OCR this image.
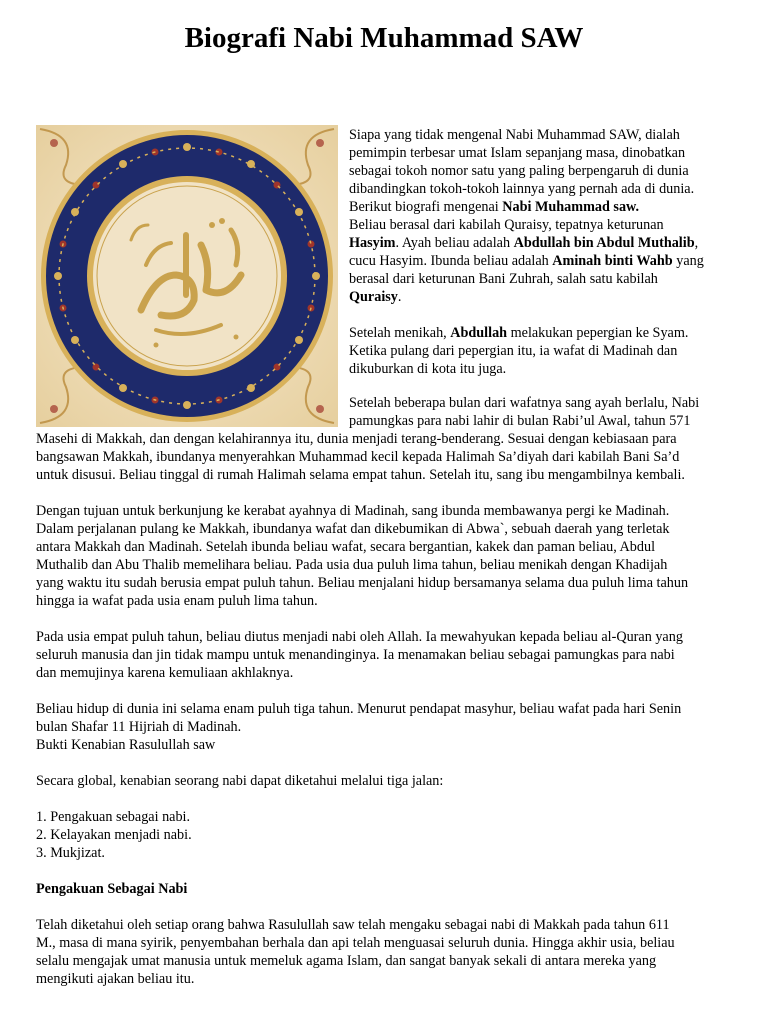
Biografi Nabi Muhammad SAW
Siapa yang tidak mengenal Nabi Muhammad SAW, dialah
pemimpin terbesar umat Islam sepanjang masa, dinobatkan
sebagai tokoh nomor satu yang paling berpengaruh di dunia
dibandingkan tokoh-tokoh lainnya yang pernah ada di dunia.
Berikut biografi mengenai Nabi Muhammad saw.
Beliau berasal dari kabilah Quraisy, tepatnya keturunan
Hasyim. Ayah beliau adalah Abdullah bin Abdul Muthalib,
cucu Hasyim. Ibunda beliau adalah Aminah binti Wahb yang
berasal dari keturunan Bani Zuhrah, salah satu kabilah
Quraisy.
Setelah menikah, Abdullah melakukan pepergian ke Syam.
Ketika pulang dari pepergian itu, ia wafat di Madinah dan
dikuburkan di kota itu juga.
Setelah beberapa bulan dari wafatnya sang ayah berlalu, Nabi
pamungkas para nabi lahir di bulan Rabi’ul Awal, tahun 571
Masehi di Makkah, dan dengan kelahirannya itu, dunia menjadi terang-benderang. Sesuai dengan kebiasaan para
bangsawan Makkah, ibundanya menyerahkan Muhammad kecil kepada Halimah Sa’diyah dari kabilah Bani Sa’d
untuk disusui. Beliau tinggal di rumah Halimah selama empat tahun. Setelah itu, sang ibu mengambilnya kembali.
Dengan tujuan untuk berkunjung ke kerabat ayahnya di Madinah, sang ibunda membawanya pergi ke Madinah.
Dalam perjalanan pulang ke Makkah, ibundanya wafat dan dikebumikan di Abwa`, sebuah daerah yang terletak
antara Makkah dan Madinah. Setelah ibunda beliau wafat, secara bergantian, kakek dan paman beliau, Abdul
Muthalib dan Abu Thalib memelihara beliau. Pada usia dua puluh lima tahun, beliau menikah dengan Khadijah
yang waktu itu sudah berusia empat puluh tahun. Beliau menjalani hidup bersamanya selama dua puluh lima tahun
hingga ia wafat pada usia enam puluh lima tahun.
Pada usia empat puluh tahun, beliau diutus menjadi nabi oleh Allah. Ia mewahyukan kepada beliau al-Quran yang
seluruh manusia dan jin tidak mampu untuk menandinginya. Ia menamakan beliau sebagai pamungkas para nabi
dan memujinya karena kemuliaan akhlaknya.
Beliau hidup di dunia ini selama enam puluh tiga tahun. Menurut pendapat masyhur, beliau wafat pada hari Senin
bulan Shafar 11 Hijriah di Madinah.
Bukti Kenabian Rasulullah saw
Secara global, kenabian seorang nabi dapat diketahui melalui tiga jalan:
1. Pengakuan sebagai nabi.
2. Kelayakan menjadi nabi.
3. Mukjizat.
Pengakuan Sebagai Nabi
Telah diketahui oleh setiap orang bahwa Rasulullah saw telah mengaku sebagai nabi di Makkah pada tahun 611
M., masa di mana syirik, penyembahan berhala dan api telah menguasai seluruh dunia. Hingga akhir usia, beliau
selalu mengajak umat manusia untuk memeluk agama Islam, dan sangat banyak sekali di antara mereka yang
mengikuti ajakan beliau itu.
